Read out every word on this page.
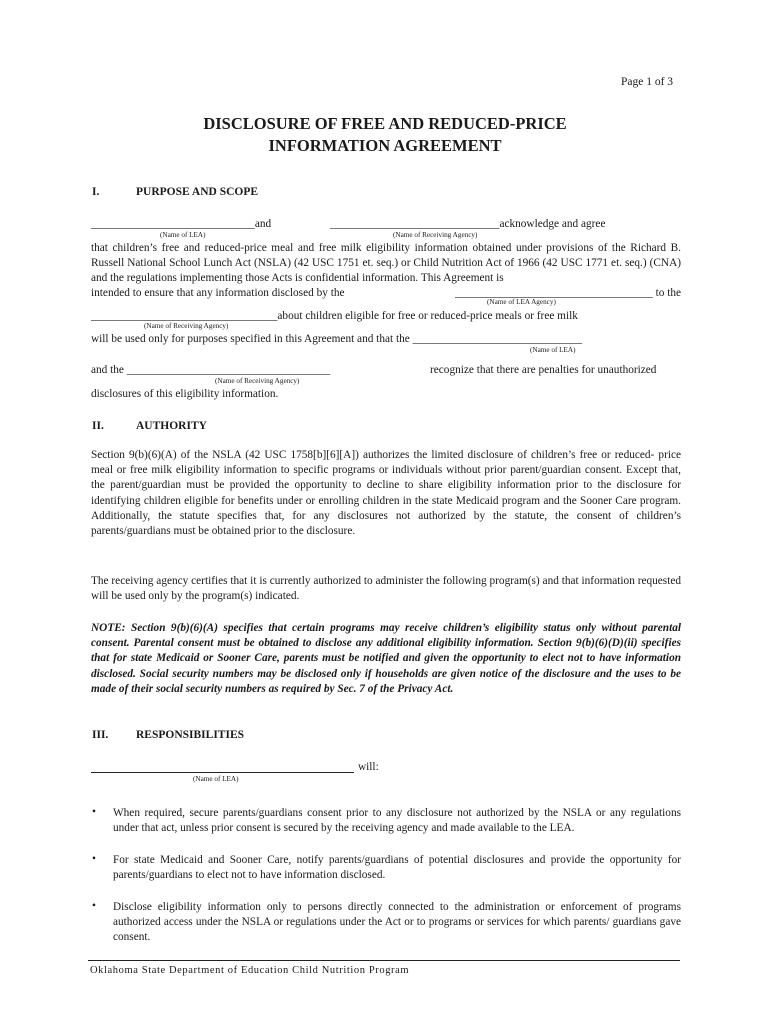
Page 1 of 3
DISCLOSURE OF FREE AND REDUCED-PRICE
INFORMATION AGREEMENT
I.	PURPOSE AND SCOPE
_____________________________and	______________________________acknowledge and agree
(Name of LEA)	(Name of Receiving Agency)
that children’s free and reduced-price meal and free milk eligibility information obtained under provisions of the Richard B. Russell National School Lunch Act (NSLA) (42 USC 1751 et. seq.) or Child Nutrition Act of 1966 (42 USC 1771 et. seq.) (CNA) and the regulations implementing those Acts is confidential information. This Agreement is
intended to ensure that any information disclosed by the	___________________________________ to the
(Name of LEA Agency)
_________________________________about children eligible for free or reduced-price meals or free milk
(Name of Receiving Agency)
will be used only for purposes specified in this Agreement and that the ______________________________
(Name of LEA)
and the ____________________________________	recognize that there are penalties for unauthorized
(Name of Receiving Agency)
disclosures of this eligibility information.
II.	AUTHORITY
Section 9(b)(6)(A) of the NSLA (42 USC 1758[b][6][A]) authorizes the limited disclosure of children’s free or reduced- price meal or free milk eligibility information to specific programs or individuals without prior parent/guardian consent. Except that, the parent/guardian must be provided the opportunity to decline to share eligibility information prior to the disclosure for identifying children eligible for benefits under or enrolling children in the state Medicaid program and the Sooner Care program. Additionally, the statute specifies that, for any disclosures not authorized by the statute, the consent of children’s parents/guardians must be obtained prior to the disclosure.
The receiving agency certifies that it is currently authorized to administer the following program(s) and that information requested will be used only by the program(s) indicated.
NOTE: Section 9(b)(6)(A) specifies that certain programs may receive children’s eligibility status only without parental consent. Parental consent must be obtained to disclose any additional eligibility information. Section 9(b)(6)(D)(ii) specifies that for state Medicaid or Sooner Care, parents must be notified and given the opportunity to elect not to have information disclosed. Social security numbers may be disclosed only if households are given notice of the disclosure and the uses to be made of their social security numbers as required by Sec. 7 of the Privacy Act.
III. RESPONSIBILITIES
will:
(Name of LEA)
• When required, secure parents/guardians consent prior to any disclosure not authorized by the NSLA or any regulations under that act, unless prior consent is secured by the receiving agency and made available to the LEA.
• For state Medicaid and Sooner Care, notify parents/guardians of potential disclosures and provide the opportunity for parents/guardians to elect not to have information disclosed.
• Disclose eligibility information only to persons directly connected to the administration or enforcement of programs authorized access under the NSLA or regulations under the Act or to programs or services for which parents/ guardians gave consent.
Oklahoma State Department of Education Child Nutrition Program
